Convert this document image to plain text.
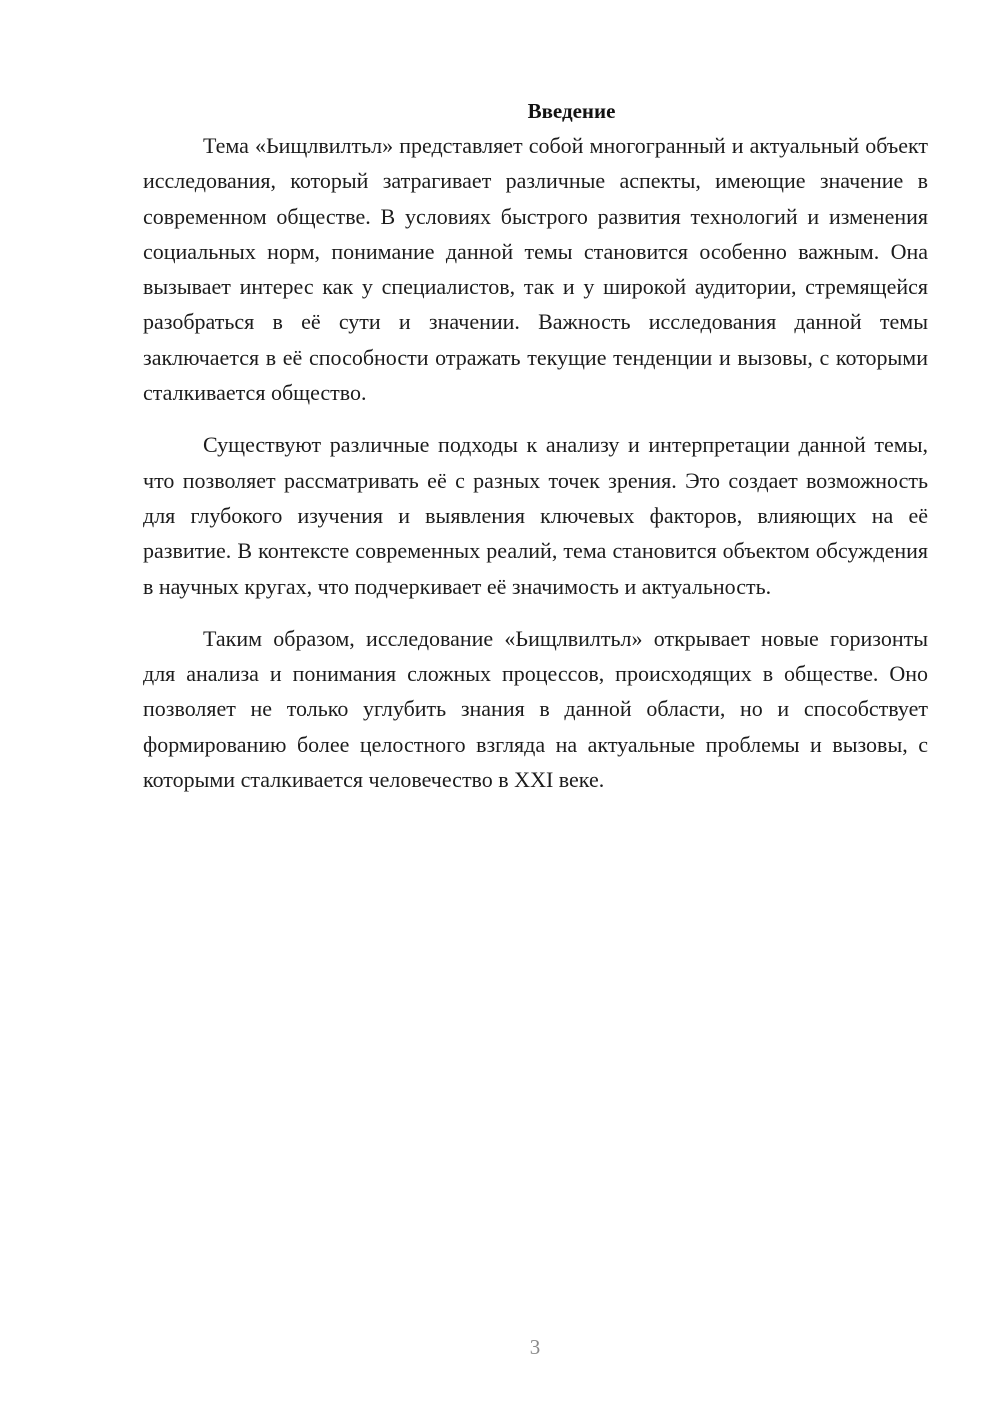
Введение

Тема «Ьищлвилтьл» представляет собой многогранный и актуальный объект исследования, который затрагивает различные аспекты, имеющие значение в современном обществе. В условиях быстрого развития технологий и изменения социальных норм, понимание данной темы становится особенно важным. Она вызывает интерес как у специалистов, так и у широкой аудитории, стремящейся разобраться в её сути и значении. Важность исследования данной темы заключается в её способности отражать текущие тенденции и вызовы, с которыми сталкивается общество.

Существуют различные подходы к анализу и интерпретации данной темы, что позволяет рассматривать её с разных точек зрения. Это создает возможность для глубокого изучения и выявления ключевых факторов, влияющих на её развитие. В контексте современных реалий, тема становится объектом обсуждения в научных кругах, что подчеркивает её значимость и актуальность.

Таким образом, исследование «Ьищлвилтьл» открывает новые горизонты для анализа и понимания сложных процессов, происходящих в обществе. Оно позволяет не только углубить знания в данной области, но и способствует формированию более целостного взгляда на актуальные проблемы и вызовы, с которыми сталкивается человечество в XXI веке.

3
